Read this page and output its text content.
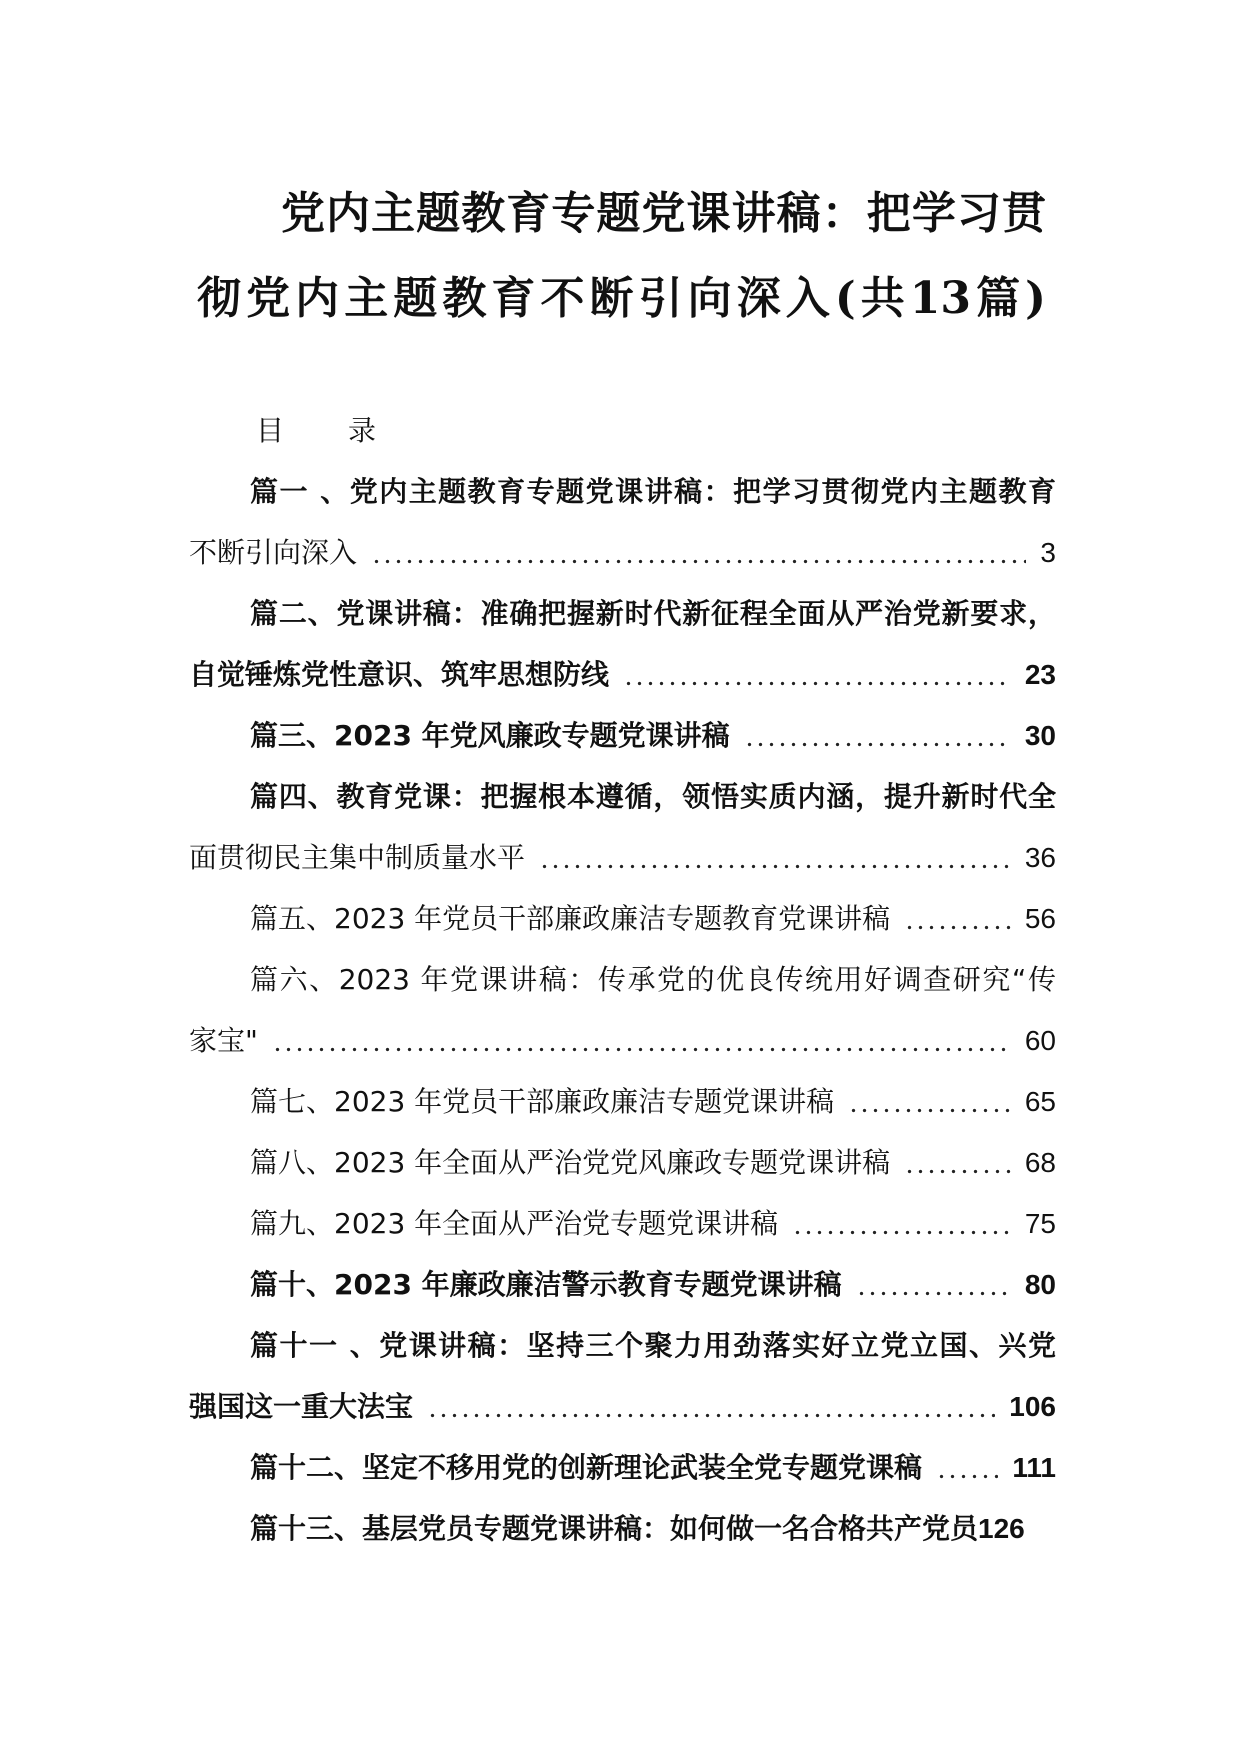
党内主题教育专题党课讲稿：把学习贯
彻党内主题教育不断引向深入(共13篇)
目  录
篇一 、党内主题教育专题党课讲稿：把学习贯彻党内主题教育
不断引向深入	3
篇二、党课讲稿：准确把握新时代新征程全面从严治党新要求，
自觉锤炼党性意识、筑牢思想防线	23
篇三、2023 年党风廉政专题党课讲稿	30
篇四、教育党课：把握根本遵循，领悟实质内涵，提升新时代全
面贯彻民主集中制质量水平	36
篇五、2023 年党员干部廉政廉洁专题教育党课讲稿	56
篇六、2023 年党课讲稿：传承党的优良传统用好调查研究“传
家宝"	60
篇七、2023 年党员干部廉政廉洁专题党课讲稿	65
篇八、2023 年全面从严治党党风廉政专题党课讲稿	68
篇九、2023 年全面从严治党专题党课讲稿	75
篇十、2023 年廉政廉洁警示教育专题党课讲稿	80
篇十一 、党课讲稿：坚持三个聚力用劲落实好立党立国、兴党
强国这一重大法宝	106
篇十二、坚定不移用党的创新理论武装全党专题党课稿	111
篇十三、基层党员专题党课讲稿：如何做一名合格共产党员 126
